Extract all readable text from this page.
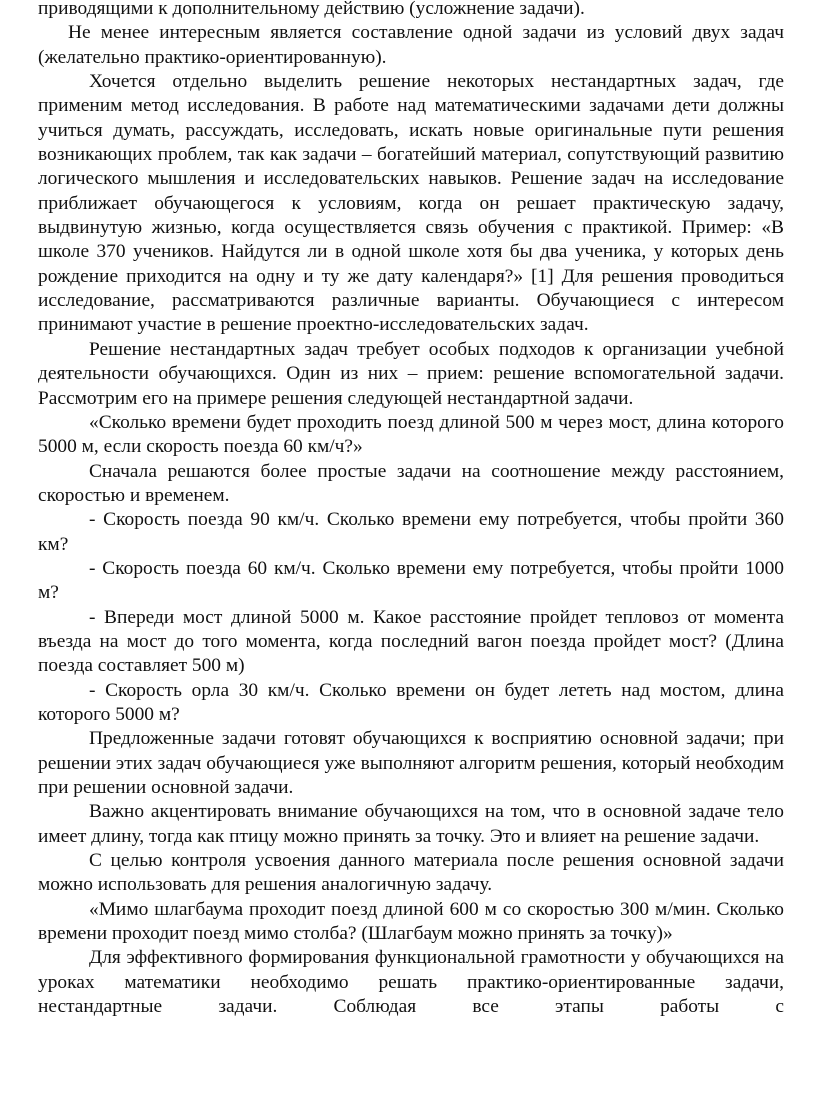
приводящими к дополнительному действию (усложнение задачи).

Не менее интересным является составление одной задачи из условий двух задач (желательно практико-ориентированную).

Хочется отдельно выделить решение некоторых нестандартных задач, где применим метод исследования. В работе над математическими задачами дети должны учиться думать, рассуждать, исследовать, искать новые оригинальные пути решения возникающих проблем, так как задачи – богатейший материал, сопутствующий развитию логического мышления и исследовательских навыков. Решение задач на исследование приближает обучающегося к условиям, когда он решает практическую задачу, выдвинутую жизнью, когда осуществляется связь обучения с практикой. Пример: «В школе 370 учеников. Найдутся ли в одной школе хотя бы два ученика, у которых день рождение приходится на одну и ту же дату календаря?» [1] Для решения проводиться исследование, рассматриваются различные варианты. Обучающиеся с интересом принимают участие в решение проектно-исследовательских задач.

Решение нестандартных задач требует особых подходов к организации учебной деятельности обучающихся. Один из них – прием: решение вспомогательной задачи. Рассмотрим его на примере решения следующей нестандартной задачи.

«Сколько времени будет проходить поезд длиной 500 м через мост, длина которого 5000 м, если скорость поезда 60 км/ч?»

Сначала решаются более простые задачи на соотношение между расстоянием, скоростью и временем.

- Скорость поезда 90 км/ч. Сколько времени ему потребуется, чтобы пройти 360 км?

- Скорость поезда 60 км/ч. Сколько времени ему потребуется, чтобы пройти 1000 м?

- Впереди мост длиной 5000 м. Какое расстояние пройдет тепловоз от момента въезда на мост до того момента, когда последний вагон поезда пройдет мост? (Длина поезда составляет 500 м)

- Скорость орла 30 км/ч. Сколько времени он будет лететь над мостом, длина которого 5000 м?

Предложенные задачи готовят обучающихся к восприятию основной задачи; при решении этих задач обучающиеся уже выполняют алгоритм решения, который необходим при решении основной задачи.

Важно акцентировать внимание обучающихся на том, что в основной задаче тело имеет длину, тогда как птицу можно принять за точку. Это и влияет на решение задачи.

С целью контроля усвоения данного материала после решения основной задачи можно использовать для решения аналогичную задачу.

«Мимо шлагбаума проходит поезд длиной 600 м со скоростью 300 м/мин. Сколько времени проходит поезд мимо столба? (Шлагбаум можно принять за точку)»

Для эффективного формирования функциональной грамотности у обучающихся на уроках математики необходимо решать практико-ориентированные задачи, нестандартные задачи. Соблюдая все этапы работы с
